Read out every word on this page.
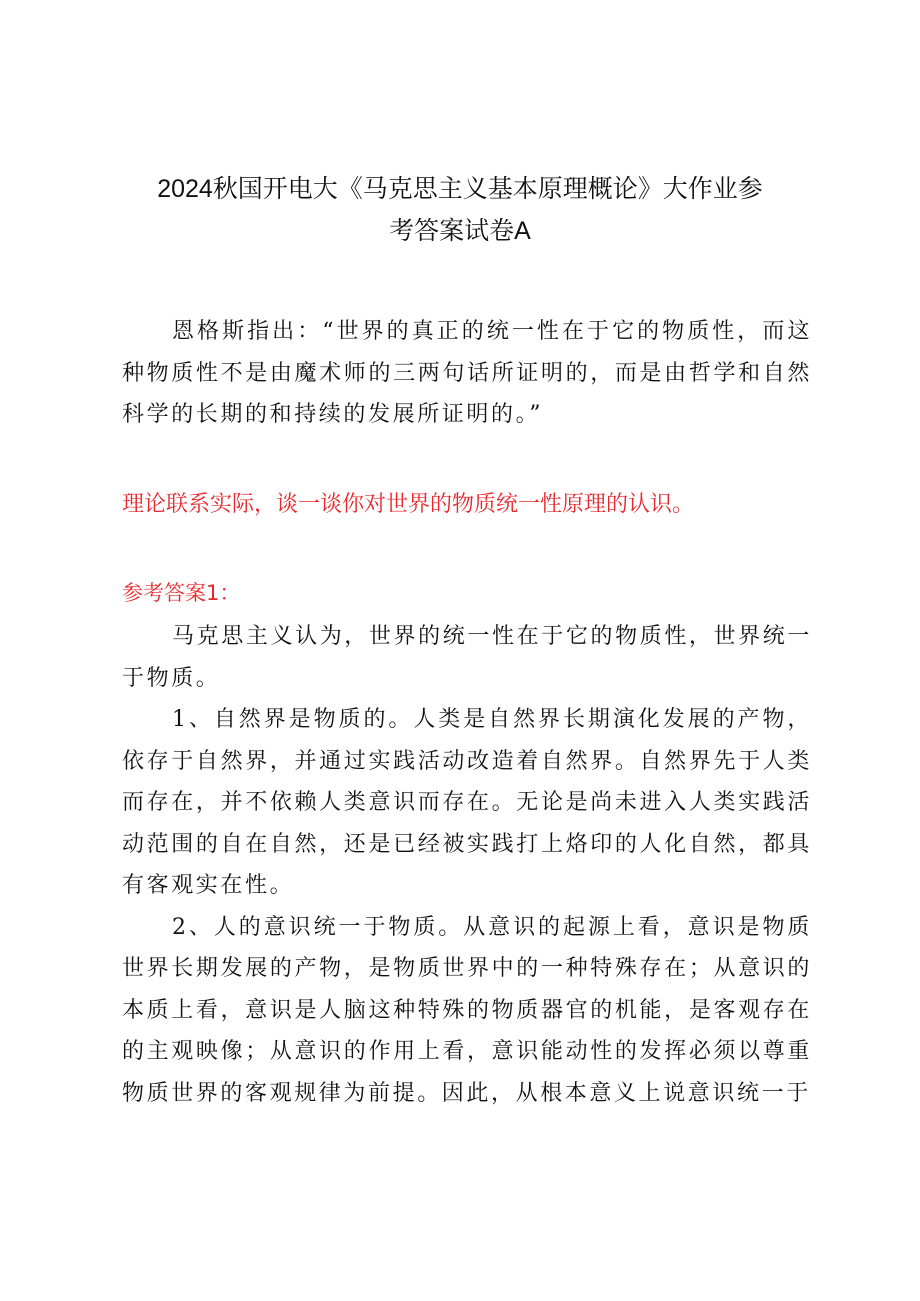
2024秋国开电大《马克思主义基本原理概论》大作业参
考答案试卷A

恩格斯指出：“世界的真正的统一性在于它的物质性，而这种物质性不是由魔术师的三两句话所证明的，而是由哲学和自然科学的长期的和持续的发展所证明的。”

理论联系实际，谈一谈你对世界的物质统一性原理的认识。
参考答案1：

马克思主义认为，世界的统一性在于它的物质性，世界统一于物质。

1、自然界是物质的。人类是自然界长期演化发展的产物，依存于自然界，并通过实践活动改造着自然界。自然界先于人类而存在，并不依赖人类意识而存在。无论是尚未进入人类实践活动范围的自在自然，还是已经被实践打上烙印的人化自然，都具有客观实在性。

2、人的意识统一于物质。从意识的起源上看，意识是物质世界长期发展的产物，是物质世界中的一种特殊存在；从意识的本质上看，意识是人脑这种特殊的物质器官的机能，是客观存在的主观映像；从意识的作用上看，意识能动性的发挥必须以尊重物质世界的客观规律为前提。因此，从根本意义上说意识统一于
